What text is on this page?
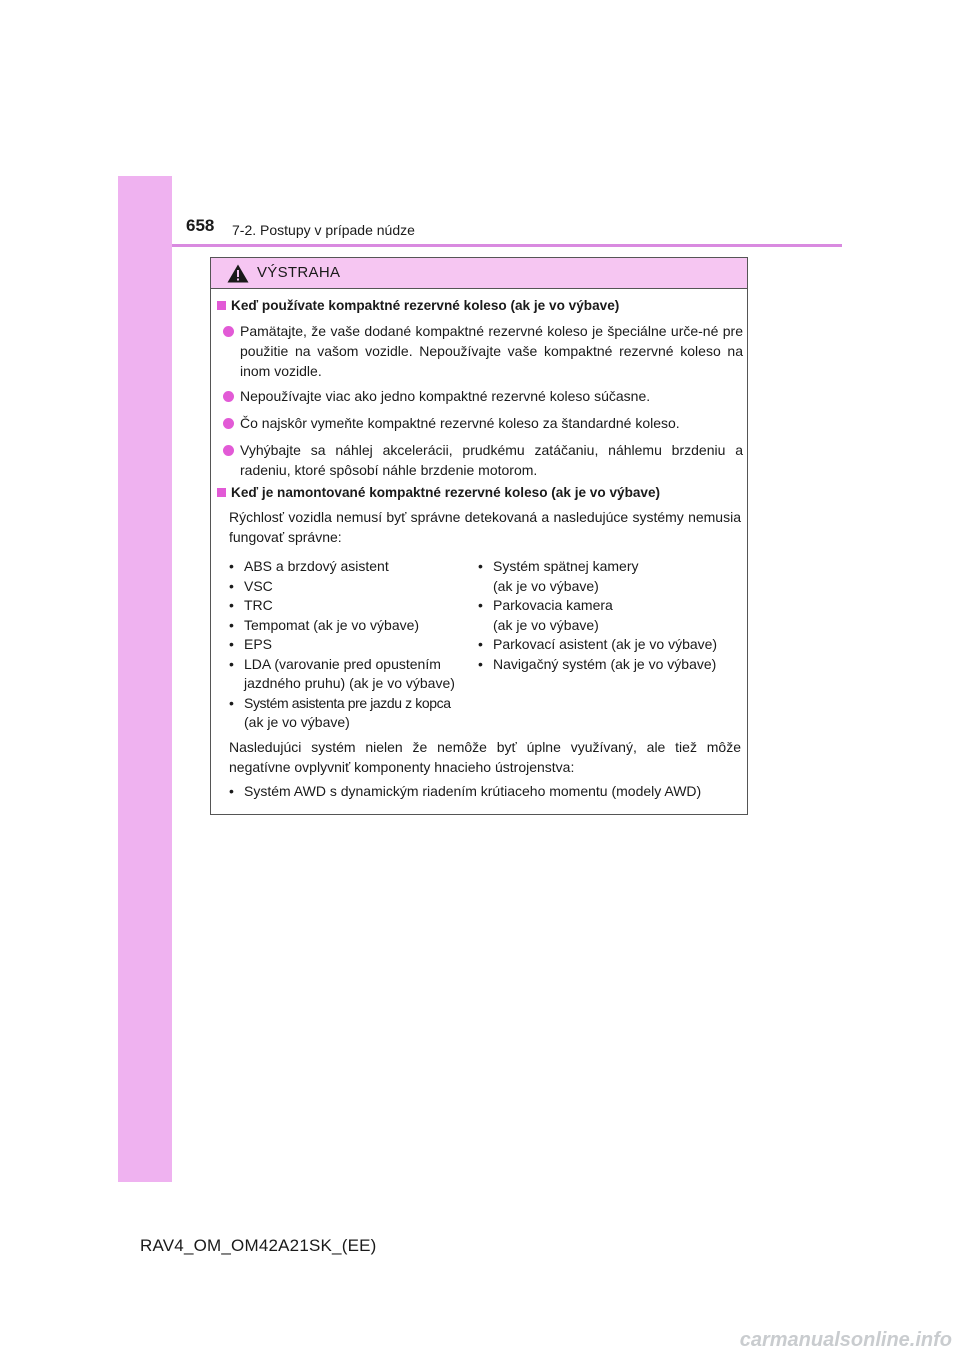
658 7-2. Postupy v prípade núdze
VÝSTRAHA
Keď používate kompaktné rezervné koleso (ak je vo výbave)
Pamätajte, že vaše dodané kompaktné rezervné koleso je špeciálne urče-né pre použitie na vašom vozidle. Nepoužívajte vaše kompaktné rezervné koleso na inom vozidle.
Nepoužívajte viac ako jedno kompaktné rezervné koleso súčasne.
Čo najskôr vymeňte kompaktné rezervné koleso za štandardné koleso.
Vyhýbajte sa náhlej akcelerácii, prudkému zatáčaniu, náhlemu brzdeniu a radeniu, ktoré spôsobí náhle brzdenie motorom.
Keď je namontované kompaktné rezervné koleso (ak je vo výbave)
Rýchlosť vozidla nemusí byť správne detekovaná a nasledujúce systémy nemusia fungovať správne:
• ABS a brzdový asistent
• VSC
• TRC
• Tempomat (ak je vo výbave)
• EPS
• LDA (varovanie pred opustením
jazdného pruhu) (ak je vo výbave)
• Systém asistenta pre jazdu z kopca
(ak je vo výbave)
• Systém spätnej kamery
(ak je vo výbave)
• Parkovacia kamera
(ak je vo výbave)
• Parkovací asistent (ak je vo výbave)
• Navigačný systém (ak je vo výbave)
Nasledujúci systém nielen že nemôže byť úplne využívaný, ale tiež môže negatívne ovplyvniť komponenty hnacieho ústrojenstva:
• Systém AWD s dynamickým riadením krútiaceho momentu (modely AWD)
RAV4_OM_OM42A21SK_(EE)
carmanualsonline.info
